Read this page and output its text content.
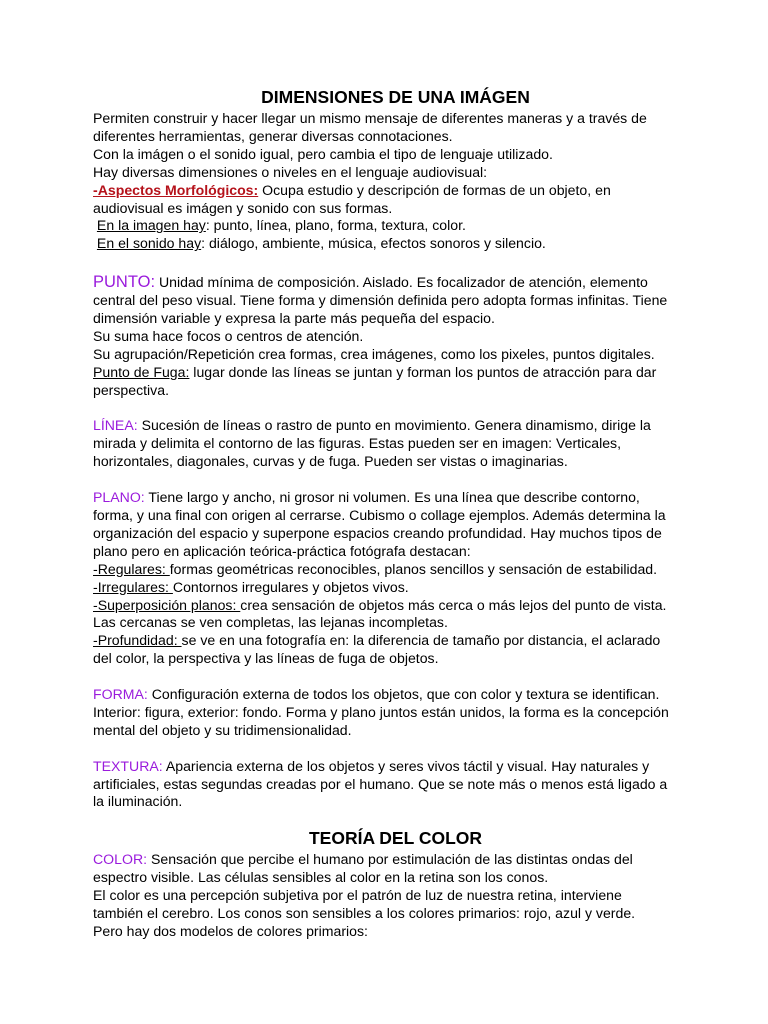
DIMENSIONES DE UNA IMÁGEN

Permiten construir y hacer llegar un mismo mensaje de diferentes maneras y a través de

diferentes herramientas, generar diversas connotaciones.

Con la imágen o el sonido igual, pero cambia el tipo de lenguaje utilizado.

Hay diversas dimensiones o niveles en el lenguaje audiovisual:

-Aspectos Morfológicos: Ocupa estudio y descripción de formas de un objeto, en

audiovisual es imágen y sonido con sus formas.

En la imagen hay: punto, línea, plano, forma, textura, color.

En el sonido hay: diálogo, ambiente, música, efectos sonoros y silencio.

PUNTO: Unidad mínima de composición. Aislado. Es focalizador de atención, elemento

central del peso visual. Tiene forma y dimensión definida pero adopta formas infinitas. Tiene

dimensión variable y expresa la parte más pequeña del espacio.

Su suma hace focos o centros de atención.

Su agrupación/Repetición crea formas, crea imágenes, como los pixeles, puntos digitales.

Punto de Fuga: lugar donde las líneas se juntan y forman los puntos de atracción para dar

perspectiva.

LÍNEA: Sucesión de líneas o rastro de punto en movimiento. Genera dinamismo, dirige la

mirada y delimita el contorno de las figuras. Estas pueden ser en imagen: Verticales,

horizontales, diagonales, curvas y de fuga. Pueden ser vistas o imaginarias.

PLANO: Tiene largo y ancho, ni grosor ni volumen. Es una línea que describe contorno,

forma, y una final con origen al cerrarse. Cubismo o collage ejemplos. Además determina la

organización del espacio y superpone espacios creando profundidad. Hay muchos tipos de

plano pero en aplicación teórica-práctica fotógrafa destacan:

-Regulares: formas geométricas reconocibles, planos sencillos y sensación de estabilidad.

-Irregulares: Contornos irregulares y objetos vivos.

-Superposición planos: crea sensación de objetos más cerca o más lejos del punto de vista.

Las cercanas se ven completas, las lejanas incompletas.

-Profundidad: se ve en una fotografía en: la diferencia de tamaño por distancia, el aclarado

del color, la perspectiva y las líneas de fuga de objetos.

FORMA: Configuración externa de todos los objetos, que con color y textura se identifican.

Interior: figura, exterior: fondo. Forma y plano juntos están unidos, la forma es la concepción

mental del objeto y su tridimensionalidad.

TEXTURA: Apariencia externa de los objetos y seres vivos táctil y visual. Hay naturales y

artificiales, estas segundas creadas por el humano. Que se note más o menos está ligado a

la iluminación.

TEORÍA DEL COLOR

COLOR: Sensación que percibe el humano por estimulación de las distintas ondas del

espectro visible. Las células sensibles al color en la retina son los conos.

El color es una percepción subjetiva por el patrón de luz de nuestra retina, interviene

también el cerebro. Los conos son sensibles a los colores primarios: rojo, azul y verde.

Pero hay dos modelos de colores primarios:
